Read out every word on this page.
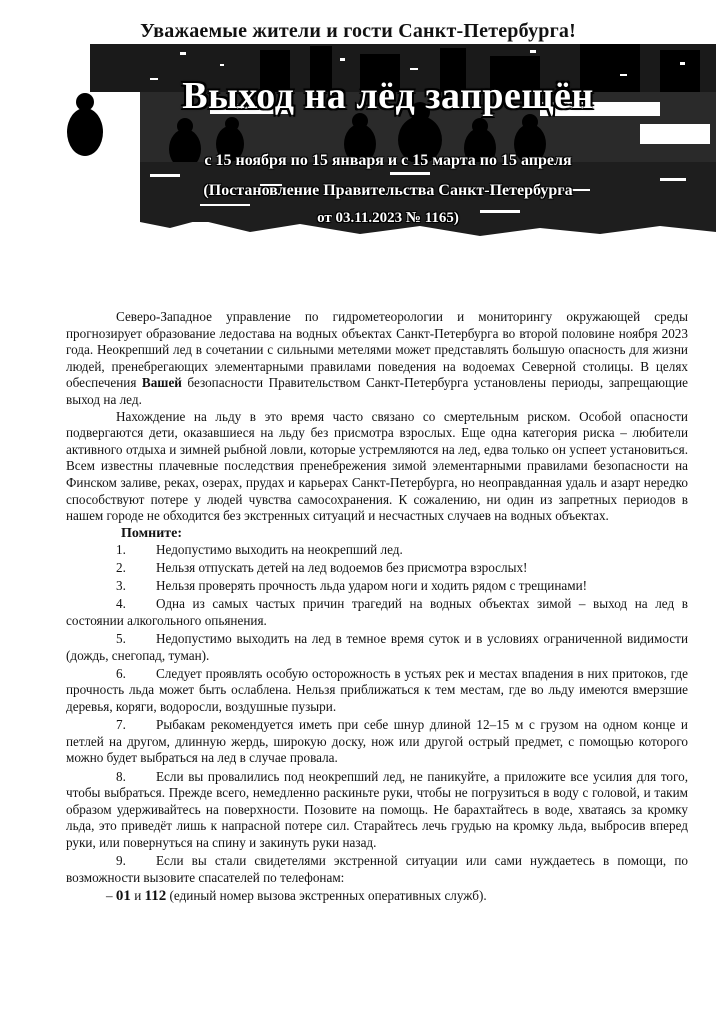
Уважаемые жители и гости Санкт-Петербурга!
Выход на лёд запрещён
с 15 ноября по 15 января и с 15 марта по 15 апреля
(Постановление Правительства Санкт-Петербурга
от 03.11.2023 № 1165)

Северо-Западное управление по гидрометеорологии и мониторингу окружающей среды прогнозирует образование ледостава на водных объектах Санкт-Петербурга во второй половине ноября 2023 года. Неокрепший лед в сочетании с сильными метелями может представлять большую опасность для жизни людей, пренебрегающих элементарными правилами поведения на водоемах Северной столицы. В целях обеспечения Вашей безопасности Правительством Санкт-Петербурга установлены периоды, запрещающие выход на лед.

Нахождение на льду в это время часто связано со смертельным риском. Особой опасности подвергаются дети, оказавшиеся на льду без присмотра взрослых. Еще одна категория риска – любители активного отдыха и зимней рыбной ловли, которые устремляются на лед, едва только он успеет установиться. Всем известны плачевные последствия пренебрежения зимой элементарными правилами безопасности на Финском заливе, реках, озерах, прудах и карьерах Санкт-Петербурга, но неоправданная удаль и азарт нередко способствуют потере у людей чувства самосохранения. К сожалению, ни один из запретных периодов в нашем городе не обходится без экстренных ситуаций и несчастных случаев на водных объектах.

Помните:

1. Недопустимо выходить на неокрепший лед.
2. Нельзя отпускать детей на лед водоемов без присмотра взрослых!
3. Нельзя проверять прочность льда ударом ноги и ходить рядом с трещинами!
4. Одна из самых частых причин трагедий на водных объектах зимой – выход на лед в состоянии алкогольного опьянения.
5. Недопустимо выходить на лед в темное время суток и в условиях ограниченной видимости (дождь, снегопад, туман).
6. Следует проявлять особую осторожность в устьях рек и местах впадения в них притоков, где прочность льда может быть ослаблена. Нельзя приближаться к тем местам, где во льду имеются вмерзшие деревья, коряги, водоросли, воздушные пузыри.
7. Рыбакам рекомендуется иметь при себе шнур длиной 12–15 м с грузом на одном конце и петлей на другом, длинную жердь, широкую доску, нож или другой острый предмет, с помощью которого можно будет выбраться на лед в случае провала.
8. Если вы провалились под неокрепший лед, не паникуйте, а приложите все усилия для того, чтобы выбраться. Прежде всего, немедленно раскиньте руки, чтобы не погрузиться в воду с головой, и таким образом удерживайтесь на поверхности. Позовите на помощь. Не барахтайтесь в воде, хватаясь за кромку льда, это приведёт лишь к напрасной потере сил. Старайтесь лечь грудью на кромку льда, выбросив вперед руки, или повернуться на спину и закинуть руки назад.
9. Если вы стали свидетелями экстренной ситуации или сами нуждаетесь в помощи, по возможности вызовите спасателей по телефонам:

– 01 и 112 (единый номер вызова экстренных оперативных служб).
